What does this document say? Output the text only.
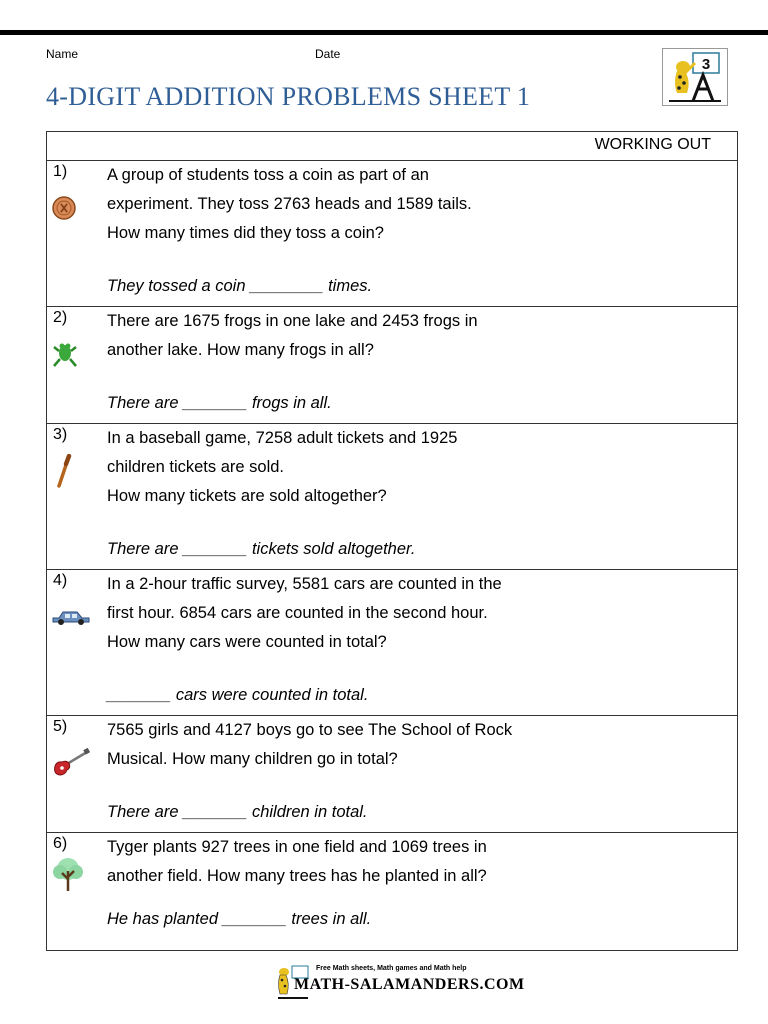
Name	Date
4-DIGIT ADDITION PROBLEMS SHEET 1
3
WORKING OUT
1) A group of students toss a coin as part of an
experiment. They toss 2763 heads and 1589 tails.
How many times did they toss a coin?
They tossed a coin ________ times.
2) There are 1675 frogs in one lake and 2453 frogs in
another lake. How many frogs in all?
There are _______ frogs in all.
3) In a baseball game, 7258 adult tickets and 1925
children tickets are sold.
How many tickets are sold altogether?
There are _______ tickets sold altogether.
4) In a 2-hour traffic survey, 5581 cars are counted in the
first hour. 6854 cars are counted in the second hour.
How many cars were counted in total?
_______ cars were counted in total.
5) 7565 girls and 4127 boys go to see The School of Rock
Musical. How many children go in total?
There are _______ children in total.
6) Tyger plants 927 trees in one field and 1069 trees in
another field. How many trees has he planted in all?
He has planted _______ trees in all.
Free Math sheets, Math games and Math help
MATH-SALAMANDERS.COM
